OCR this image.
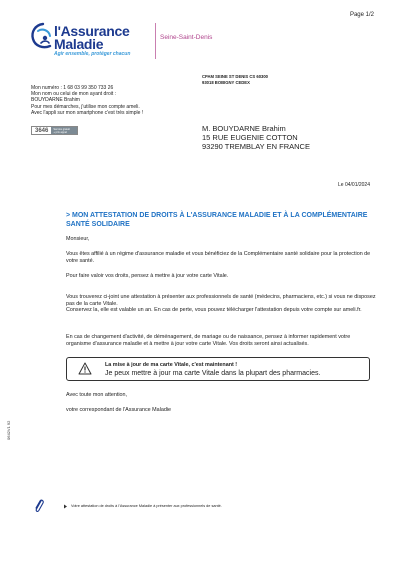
Page 1/2
l'Assurance
Maladie
Agir ensemble, protéger chacun
Seine-Saint-Denis
CPAM SEINE ST DENIS CS 60300
93018 BOBIGNY CEDEX
Mon numéro : 1 68 03 99 350 733 26
Mon nom ou celui de mon ayant droit :
BOUYDARNE Brahim
Pour mes démarches, j'utilise mon compte ameli.
Avec l'appli sur mon smartphone c'est très simple !
3646	Service gratuit
+ prix appel	M. BOUYDARNE Brahim
15 RUE EUGENIE COTTON
93290 TREMBLAY EN FRANCE
Le 04/01/2024
> MON ATTESTATION DE DROITS À L'ASSURANCE MALADIE ET À LA COMPLÉMENTAIRE SANTÉ SOLIDAIRE
Monsieur,
Vous êtes affilié à un régime d'assurance maladie et vous bénéficiez de la Complémentaire santé solidaire pour la protection de votre santé.
Pour faire valoir vos droits, pensez à mettre à jour votre carte Vitale.
Vous trouverez ci-joint une attestation à présenter aux professionnels de santé (médecins, pharmaciens, etc.) si vous ne disposez pas de la carte Vitale.
Conservez la, elle est valable un an. En cas de perte, vous pouvez télécharger l'attestation depuis votre compte sur ameli.fr.
En cas de changement d'activité, de déménagement, de mariage ou de naissance, pensez à informer rapidement votre organisme d'assurance maladie et à mettre à jour votre carte Vitale. Vos droits seront ainsi actualisés.
La mise à jour de ma carte Vitale, c'est maintenant !
Je peux mettre à jour ma carte Vitale dans la plupart des pharmacies.
Avec toute mon attention,
votre correspondant de l'Assurance Maladie
0642V1 92
Votre attestation de droits à l'Assurance Maladie à présenter aux professionnels de santé.
